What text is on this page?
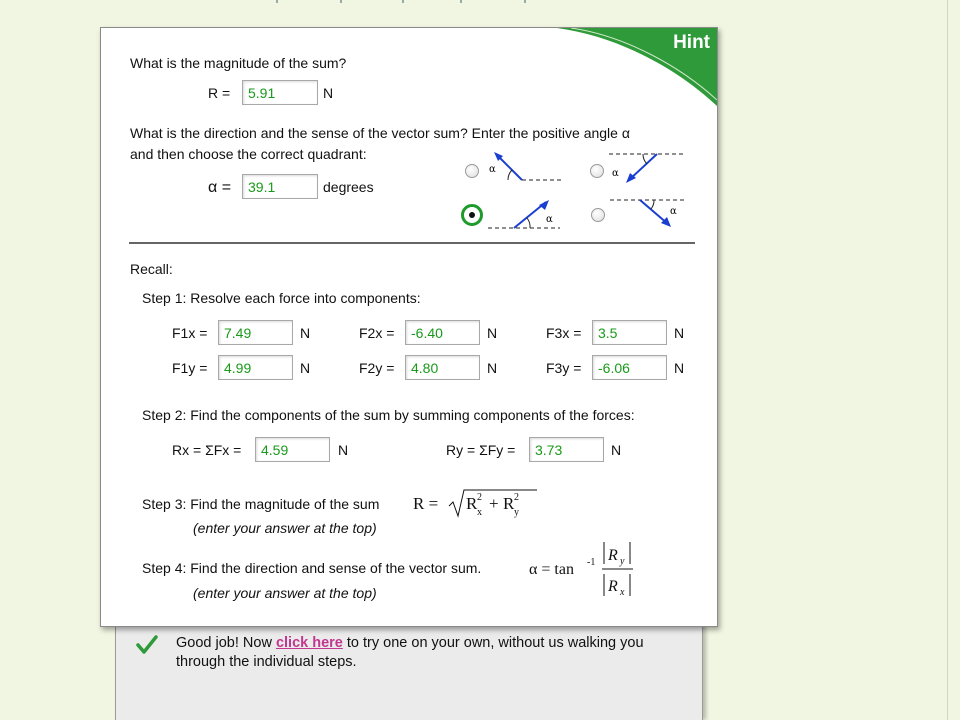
Good job! Now click here to try one on your own, without us walking you through the individual steps.
Hint
What is the magnitude of the sum?
R =	5.91	N
What is the direction and the sense of the vector sum? Enter the positive angle α
and then choose the correct quadrant:
α =	39.1	degrees
α	α
α
α
Recall:
Step 1: Resolve each force into components:
F1x =	7.49	N	F2x =	-6.40	N	F3x =	3.5	N
F1y =	4.99	N	F2y =	4.80	N	F3y =	-6.06	N
Step 2: Find the components of the sum by summing components of the forces:
Rx = ΣFx =	4.59	N	Ry = ΣFy =	3.73	N
Step 3: Find the magnitude of the sum
(enter your answer at the top)
R = R x
2 + R y
2
Step 4: Find the direction and sense of the vector sum.
(enter your answer at the top)
α = tan -1 R y
R x
